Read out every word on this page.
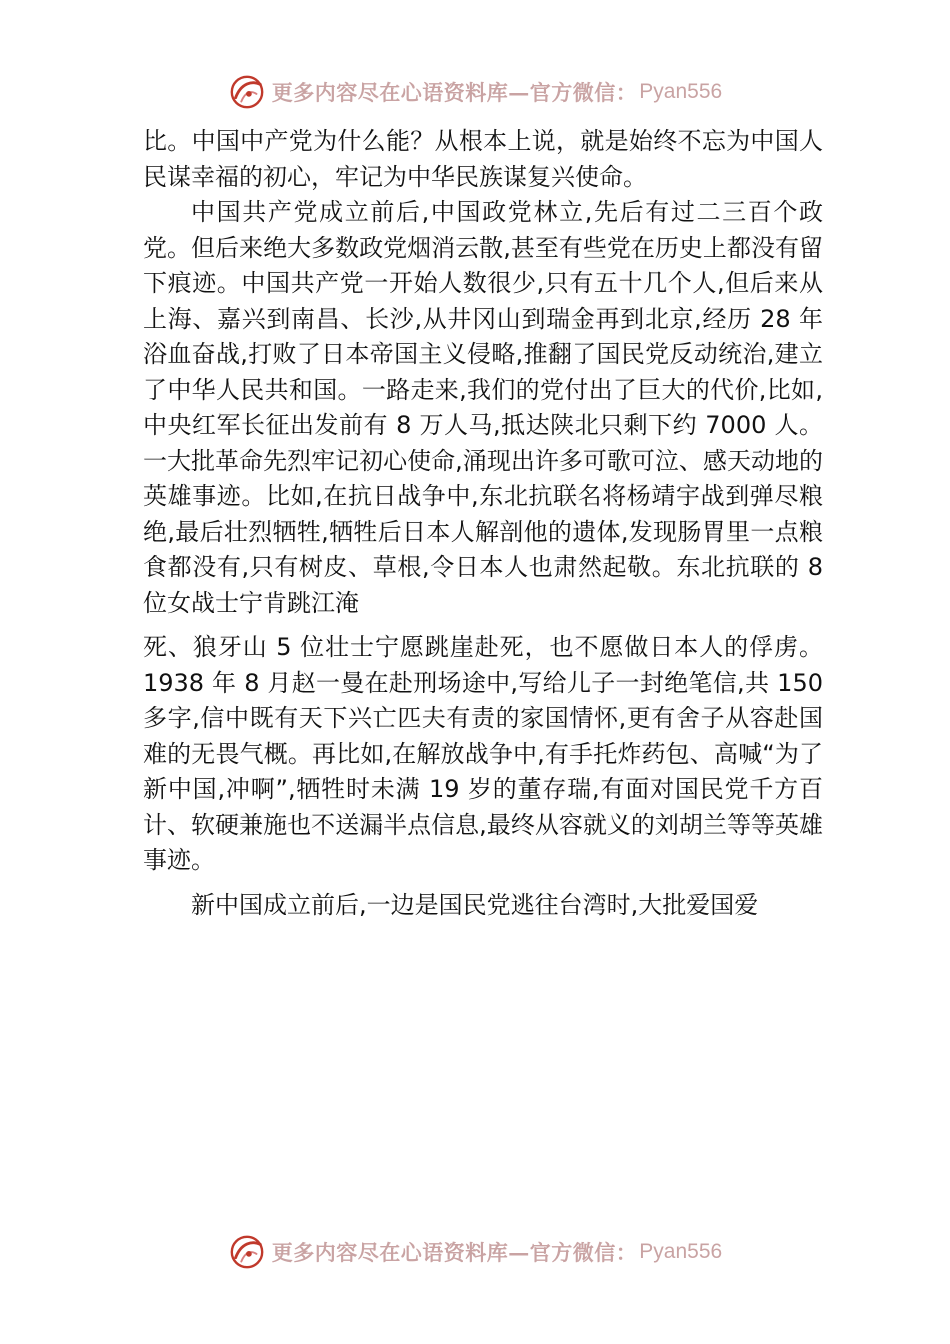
更多内容尽在心语资料库—官方微信： Pyan556

比。中国中产党为什么能？从根本上说，就是始终不忘为中国人民谋幸福的初心，牢记为中华民族谋复兴使命。

中国共产党成立前后,中国政党林立,先后有过二三百个政党。但后来绝大多数政党烟消云散,甚至有些党在历史上都没有留下痕迹。中国共产党一开始人数很少,只有五十几个人,但后来从上海、嘉兴到南昌、长沙,从井冈山到瑞金再到北京,经历 28 年浴血奋战,打败了日本帝国主义侵略,推翻了国民党反动统治,建立了中华人民共和国。一路走来,我们的党付出了巨大的代价,比如,中央红军长征出发前有 8 万人马,抵达陕北只剩下约 7000 人。一大批革命先烈牢记初心使命,涌现出许多可歌可泣、感天动地的英雄事迹。比如,在抗日战争中,东北抗联名将杨靖宇战到弹尽粮绝,最后壮烈牺牲,牺牲后日本人解剖他的遗体,发现肠胃里一点粮食都没有,只有树皮、草根,令日本人也肃然起敬。东北抗联的 8 位女战士宁肯跳江淹

死、狼牙山 5 位壮士宁愿跳崖赴死，也不愿做日本人的俘虏。1938 年 8 月赵一曼在赴刑场途中,写给儿子一封绝笔信,共 150 多字,信中既有天下兴亡匹夫有责的家国情怀,更有舍子从容赴国难的无畏气概。再比如,在解放战争中,有手托炸药包、高喊“为了新中国,冲啊”,牺牲时未满 19 岁的董存瑞,有面对国民党千方百计、软硬兼施也不送漏半点信息,最终从容就义的刘胡兰等等英雄事迹。

新中国成立前后,一边是国民党逃往台湾时,大批爱国爱

更多内容尽在心语资料库—官方微信： Pyan556
